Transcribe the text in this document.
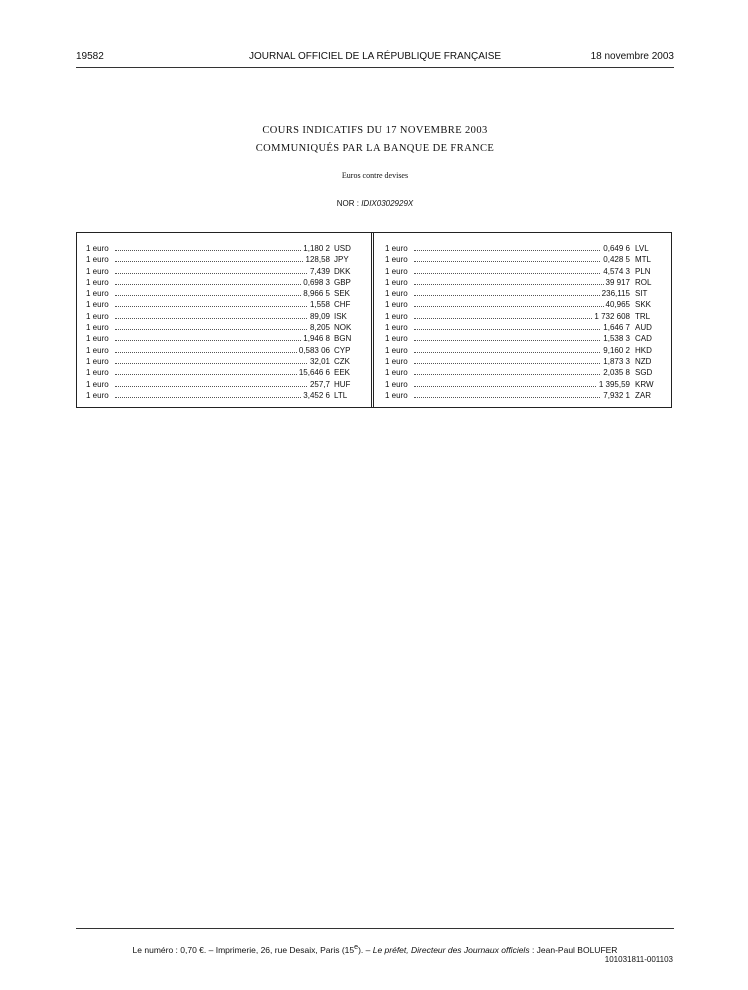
19582	JOURNAL OFFICIEL DE LA RÉPUBLIQUE FRANÇAISE	18 novembre 2003
COURS INDICATIFS DU 17 NOVEMBRE 2003
COMMUNIQUÉS PAR LA BANQUE DE FRANCE
Euros contre devises
NOR : IDIX0302929X
1 euro	1,180 2 USD
1 euro	128,58 JPY
1 euro	7,439 DKK
1 euro	0,698 3 GBP
1 euro	8,966 5 SEK
1 euro	1,558 CHF
1 euro	89,09 ISK
1 euro	8,205 NOK
1 euro	1,946 8 BGN
1 euro	0,583 06 CYP
1 euro	32,01 CZK
1 euro	15,646 6 EEK
1 euro	257,7 HUF
1 euro	3,452 6 LTL
1 euro	0,649 6 LVL
1 euro	0,428 5 MTL
1 euro	4,574 3 PLN
1 euro	39 917 ROL
1 euro	236,115 SIT
1 euro	40,965 SKK
1 euro	1 732 608 TRL
1 euro	1,646 7 AUD
1 euro	1,538 3 CAD
1 euro	9,160 2 HKD
1 euro	1,873 3 NZD
1 euro	2,035 8 SGD
1 euro	1 395,59 KRW
1 euro	7,932 1 ZAR
Le numéro : 0,70 €. – Imprimerie, 26, rue Desaix, Paris (15e). – Le préfet, Directeur des Journaux officiels : Jean-Paul BOLUFER
101031811-001103
